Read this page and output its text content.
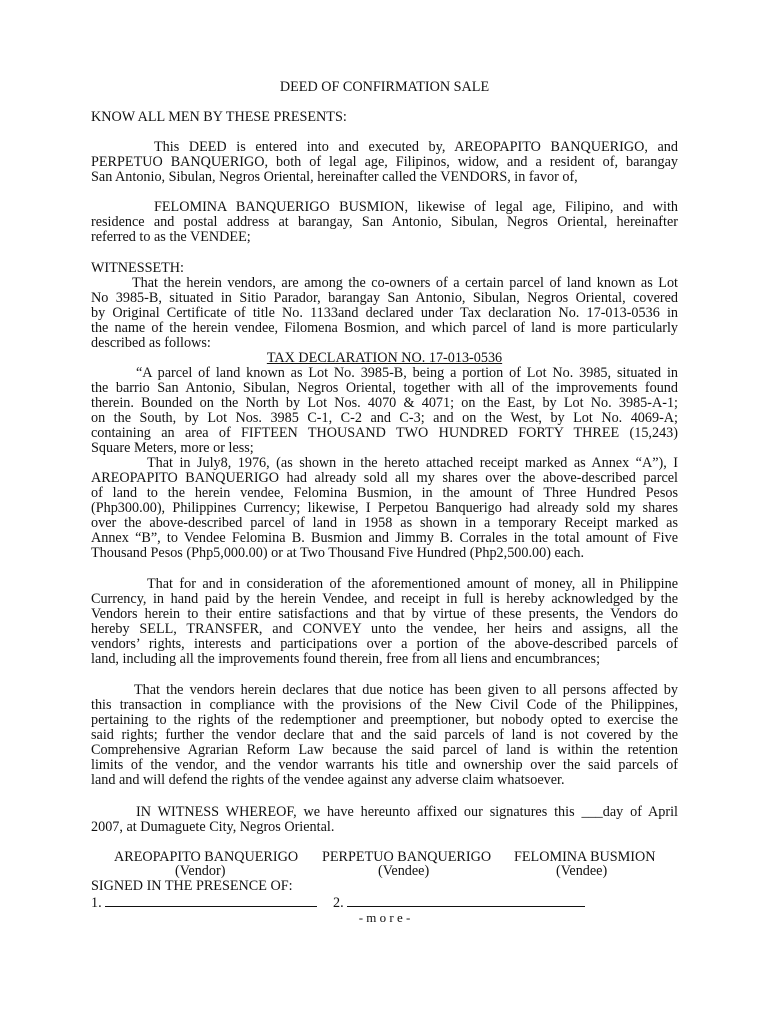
DEED OF CONFIRMATION SALE
KNOW ALL MEN BY THESE PRESENTS:
This DEED is entered into and executed by, AREOPAPITO BANQUERIGO, and
PERPETUO BANQUERIGO, both of legal age, Filipinos, widow, and a resident of, barangay
San Antonio, Sibulan, Negros Oriental, hereinafter called the VENDORS, in favor of,
FELOMINA BANQUERIGO BUSMION, likewise of legal age, Filipino, and with
residence and postal address at barangay, San Antonio, Sibulan, Negros Oriental, hereinafter
referred to as the VENDEE;
WITNESSETH:
That the herein vendors, are among the co-owners of a certain parcel of land known as Lot
No 3985-B, situated in Sitio Parador, barangay San Antonio, Sibulan, Negros Oriental, covered
by Original Certificate of title No. 1133and declared under Tax declaration No. 17-013-0536 in
the name of the herein vendee, Filomena Bosmion, and which parcel of land is more particularly
described as follows:
TAX DECLARATION NO. 17-013-0536
“A parcel of land known as Lot No. 3985-B, being a portion of Lot No. 3985, situated in
the barrio San Antonio, Sibulan, Negros Oriental, together with all of the improvements found
therein. Bounded on the North by Lot Nos. 4070 & 4071; on the East, by Lot No. 3985-A-1;
on the South, by Lot Nos. 3985 C-1, C-2 and C-3; and on the West, by Lot No. 4069-A;
containing an area of FIFTEEN THOUSAND TWO HUNDRED FORTY THREE (15,243)
Square Meters, more or less;
That in July8, 1976, (as shown in the hereto attached receipt marked as Annex “A”), I
AREOPAPITO BANQUERIGO had already sold all my shares over the above-described parcel
of land to the herein vendee, Felomina Busmion, in the amount of Three Hundred Pesos
(Php300.00), Philippines Currency; likewise, I Perpetou Banquerigo had already sold my shares
over the above-described parcel of land in 1958 as shown in a temporary Receipt marked as
Annex “B”, to Vendee Felomina B. Busmion and Jimmy B. Corrales in the total amount of Five
Thousand Pesos (Php5,000.00) or at Two Thousand Five Hundred (Php2,500.00) each.
That for and in consideration of the aforementioned amount of money, all in Philippine
Currency, in hand paid by the herein Vendee, and receipt in full is hereby acknowledged by the
Vendors herein to their entire satisfactions and that by virtue of these presents, the Vendors do
hereby SELL, TRANSFER, and CONVEY unto the vendee, her heirs and assigns, all the
vendors’ rights, interests and participations over a portion of the above-described parcels of
land, including all the improvements found therein, free from all liens and encumbrances;
That the vendors herein declares that due notice has been given to all persons affected by
this transaction in compliance with the provisions of the New Civil Code of the Philippines,
pertaining to the rights of the redemptioner and preemptioner, but nobody opted to exercise the
said rights; further the vendor declare that and the said parcels of land is not covered by the
Comprehensive Agrarian Reform Law because the said parcel of land is within the retention
limits of the vendor, and the vendor warrants his title and ownership over the said parcels of
land and will defend the rights of the vendee against any adverse claim whatsoever.
IN WITNESS WHEREOF, we have hereunto affixed our signatures this ___day of April
2007, at Dumaguete City, Negros Oriental.
AREOPAPITO BANQUERIGO PERPETUO BANQUERIGO FELOMINA BUSMION
(Vendor)	(Vendee)	(Vendee)
SIGNED IN THE PRESENCE OF:
1.	2.
- m o r e -
